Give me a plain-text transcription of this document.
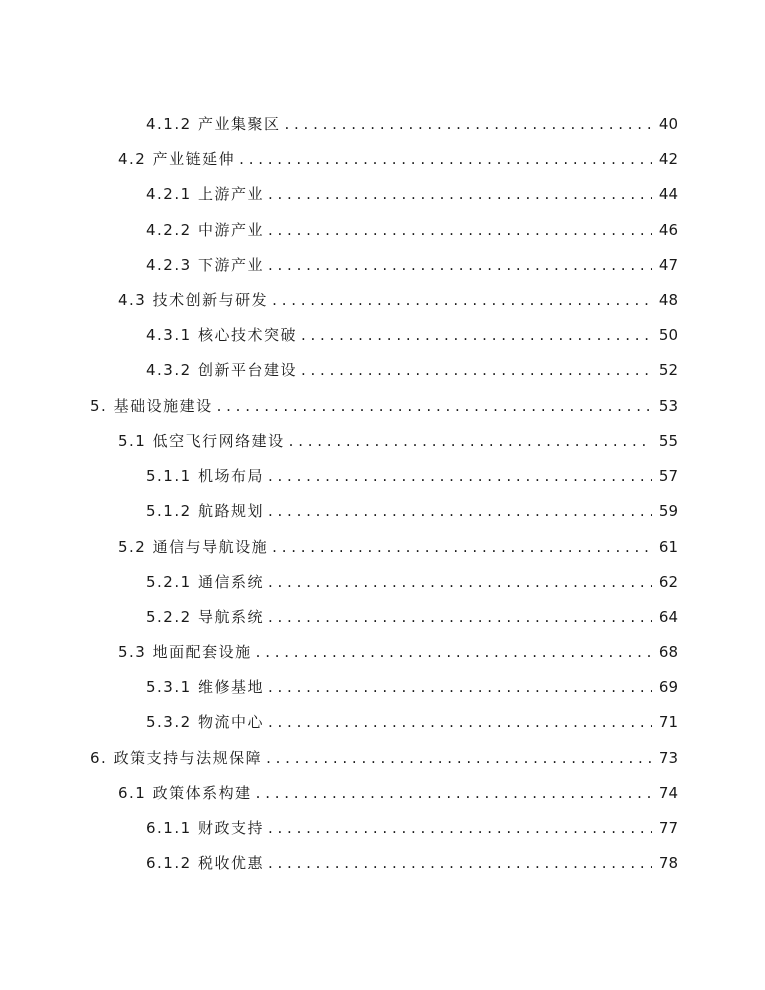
4.1.2 产业集聚区 . . .	40
4.2 产业链延伸 . . .	42
4.2.1 上游产业 . . .	44
4.2.2 中游产业 . . .	46
4.2.3 下游产业 . . .	47
4.3 技术创新与研发 . . .	48
4.3.1 核心技术突破 . . .	50
4.3.2 创新平台建设 . . .	52
5. 基础设施建设 . . .	53
5.1 低空飞行网络建设 . . .	55
5.1.1 机场布局 . . .	57
5.1.2 航路规划 . . .	59
5.2 通信与导航设施 . . .	61
5.2.1 通信系统 . . .	62
5.2.2 导航系统 . . .	64
5.3 地面配套设施 . . .	68
5.3.1 维修基地 . . .	69
5.3.2 物流中心 . . .	71
6. 政策支持与法规保障 . . .	73
6.1 政策体系构建 . . .	74
6.1.1 财政支持 . . .	77
6.1.2 税收优惠 . . .	78
